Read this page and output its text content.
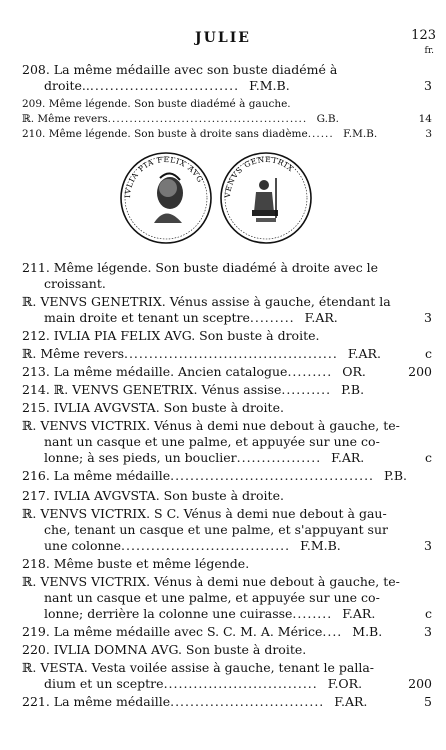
JULIE	123
fr.
208. La même médaille avec son buste diadémé à
droite................................ F.M.B.	3
209. Même légende. Son buste diadémé à gauche.
ℝ. Même revers.............................................. G.B.	14
210. Même légende. Son buste à droite sans diadème...... F.M.B.	3
IVLIA PIA FELIX AVG
VENVS GENETRIX
211. Même légende. Son buste diadémé à droite avec le
croissant.
ℝ. VENVS GENETRIX. Vénus assise à gauche, étendant la
main droite et tenant un sceptre......... F.AR.	3
212. IVLIA PIA FELIX AVG. Son buste à droite.
ℝ. Même revers........................................... F.AR.	c
213. La même médaille. Ancien catalogue......... OR.	200
214. ℝ. VENVS GENETRIX. Vénus assise.......... P.B.
215. IVLIA AVGVSTA. Son buste à droite.
ℝ. VENVS VICTRIX. Vénus à demi nue debout à gauche, te-
nant un casque et une palme, et appuyée sur une co-
lonne; à ses pieds, un bouclier................. F.AR.	c
216. La même médaille......................................... P.B.
217. IVLIA AVGVSTA. Son buste à droite.
ℝ. VENVS VICTRIX. S C. Vénus à demi nue debout à gau-
che, tenant un casque et une palme, et s'appuyant sur
une colonne.................................. F.M.B.	3
218. Même buste et même légende.
ℝ. VENVS VICTRIX. Vénus à demi nue debout à gauche, te-
nant un casque et une palme, et appuyée sur une co-
lonne; derrière la colonne une cuirasse........ F.AR.	c
219. La même médaille avec S. C. M. A. Mérice.... M.B.	3
220. IVLIA DOMNA AVG. Son buste à droite.
ℝ. VESTA. Vesta voilée assise à gauche, tenant le palla-
dium et un sceptre............................... F.OR.	200
221. La même médaille............................... F.AR.	5
